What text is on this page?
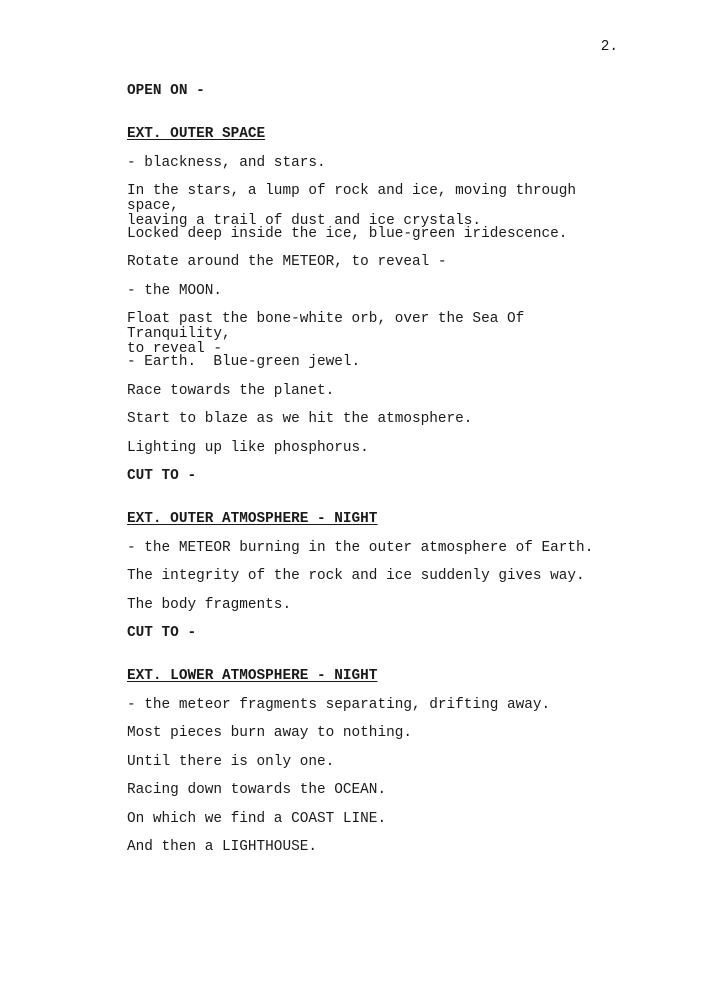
2.

OPEN ON -

EXT. OUTER SPACE

- blackness, and stars.

In the stars, a lump of rock and ice, moving through space,
leaving a trail of dust and ice crystals.

Locked deep inside the ice, blue-green iridescence.

Rotate around the METEOR, to reveal -

- the MOON.

Float past the bone-white orb, over the Sea Of Tranquility,
to reveal -

- Earth.  Blue-green jewel.

Race towards the planet.

Start to blaze as we hit the atmosphere.

Lighting up like phosphorus.

CUT TO -

EXT. OUTER ATMOSPHERE - NIGHT

- the METEOR burning in the outer atmosphere of Earth.

The integrity of the rock and ice suddenly gives way.

The body fragments.

CUT TO -

EXT. LOWER ATMOSPHERE - NIGHT

- the meteor fragments separating, drifting away.

Most pieces burn away to nothing.

Until there is only one.

Racing down towards the OCEAN.

On which we find a COAST LINE.

And then a LIGHTHOUSE.
